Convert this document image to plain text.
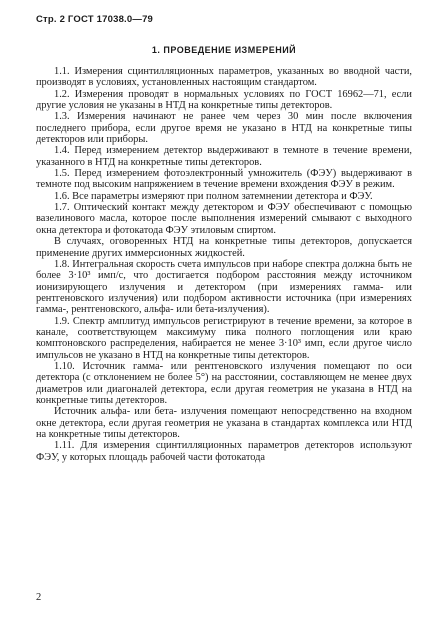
Стр. 2 ГОСТ 17038.0—79
1. ПРОВЕДЕНИЕ ИЗМЕРЕНИЙ

1.1. Измерения сцинтилляционных параметров, указанных во вводной части, производят в условиях, установленных настоящим стандартом.

1.2. Измерения проводят в нормальных условиях по ГОСТ 16962—71, если другие условия не указаны в НТД на конкретные типы детекторов.

1.3. Измерения начинают не ранее чем через 30 мин после включения последнего прибора, если другое время не указано в НТД на конкретные типы детекторов или приборы.

1.4. Перед измерением детектор выдерживают в темноте в течение времени, указанного в НТД на конкретные типы детекторов.

1.5. Перед измерением фотоэлектронный умножитель (ФЭУ) выдерживают в темноте под высоким напряжением в течение времени вхождения ФЭУ в режим.

1.6. Все параметры измеряют при полном затемнении детектора и ФЭУ.

1.7. Оптический контакт между детектором и ФЭУ обеспечивают с помощью вазелинового масла, которое после выполнения измерений смывают с выходного окна детектора и фотокатода ФЭУ этиловым спиртом.

В случаях, оговоренных НТД на конкретные типы детекторов, допускается применение других иммерсионных жидкостей.

1.8. Интегральная скорость счета импульсов при наборе спектра должна быть не более 3·10³ имп/с, что достигается подбором расстояния между источником ионизирующего излучения и детектором (при измерениях гамма- или рентгеновского излучения) или подбором активности источника (при измерениях гамма-, рентгеновского, альфа- или бета-излучения).

1.9. Спектр амплитуд импульсов регистрируют в течение времени, за которое в канале, соответствующем максимуму пика полного поглощения или краю комптоновского распределения, набирается не менее 3·10³ имп, если другое число импульсов не указано в НТД на конкретные типы детекторов.

1.10. Источник гамма- или рентгеновского излучения помещают по оси детектора (с отклонением не более 5°) на расстоянии, составляющем не менее двух диаметров или диагоналей детектора, если другая геометрия не указана в НТД на конкретные типы детекторов.

Источник альфа- или бета- излучения помещают непосредственно на входном окне детектора, если другая геометрия не указана в стандартах комплекса или НТД на конкретные типы детекторов.

1.11. Для измерения сцинтилляционных параметров детекторов используют ФЭУ, у которых площадь рабочей части фотокатода

2
